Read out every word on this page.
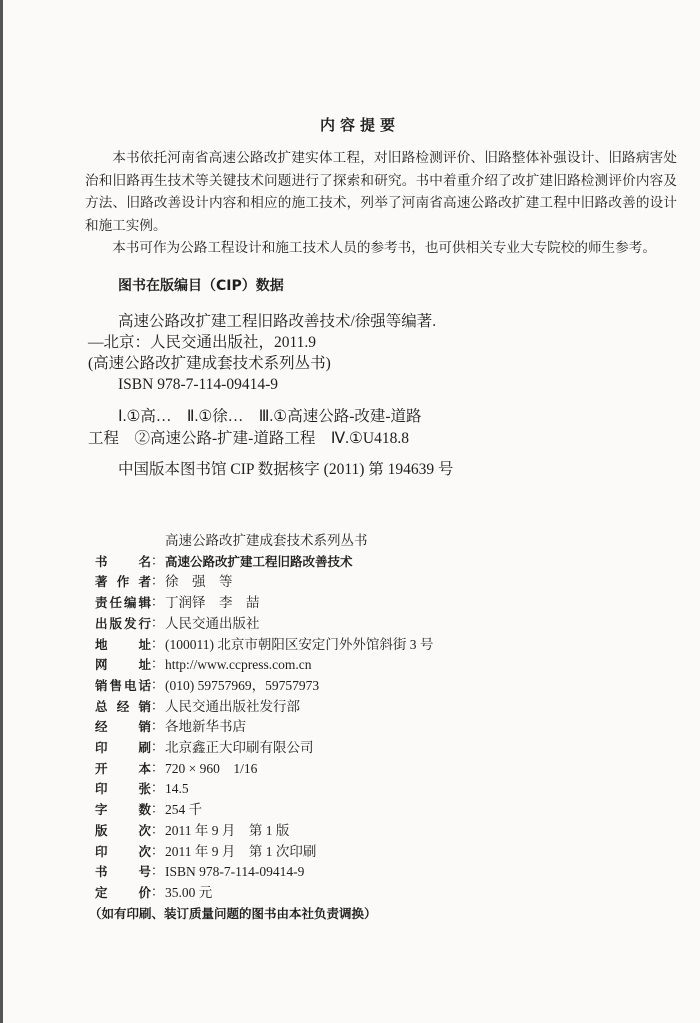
内容提要

本书依托河南省高速公路改扩建实体工程，对旧路检测评价、旧路整体补强设计、旧路病害处治和旧路再生技术等关键技术问题进行了探索和研究。书中着重介绍了改扩建旧路检测评价内容及方法、旧路改善设计内容和相应的施工技术，列举了河南省高速公路改扩建工程中旧路改善的设计和施工实例。

本书可作为公路工程设计和施工技术人员的参考书，也可供相关专业大专院校的师生参考。

图书在版编目（CIP）数据
高速公路改扩建工程旧路改善技术/徐强等编著.
—北京：人民交通出版社，2011.9
(高速公路改扩建成套技术系列丛书)
ISBN 978-7-114-09414-9
Ⅰ.①高…　Ⅱ.①徐…　Ⅲ.①高速公路-改建-道路
工程　②高速公路-扩建-道路工程　Ⅳ.①U418.8
中国版本图书馆 CIP 数据核字 (2011) 第 194639 号
高速公路改扩建成套技术系列丛书
书 名 ： 高速公路改扩建工程旧路改善技术
著 作 者 ： 徐　强　等
责 任 编 辑 ： 丁润铎　李　喆
出 版 发 行 ： 人民交通出版社
地 址 ： (100011) 北京市朝阳区安定门外外馆斜街 3 号
网 址 ： http://www.ccpress.com.cn
销 售 电 话 ： (010) 59757969，59757973
总 经 销 ： 人民交通出版社发行部
经 销 ： 各地新华书店
印 刷 ： 北京鑫正大印刷有限公司
开 本 ： 720 × 960　1/16
印 张 ： 14.5
字 数 ： 254 千
版 次 ： 2011 年 9 月　第 1 版
印 次 ： 2011 年 9 月　第 1 次印刷
书 号 ： ISBN 978-7-114-09414-9
定 价 ： 35.00 元
（如有印刷、装订质量问题的图书由本社负责调换）
